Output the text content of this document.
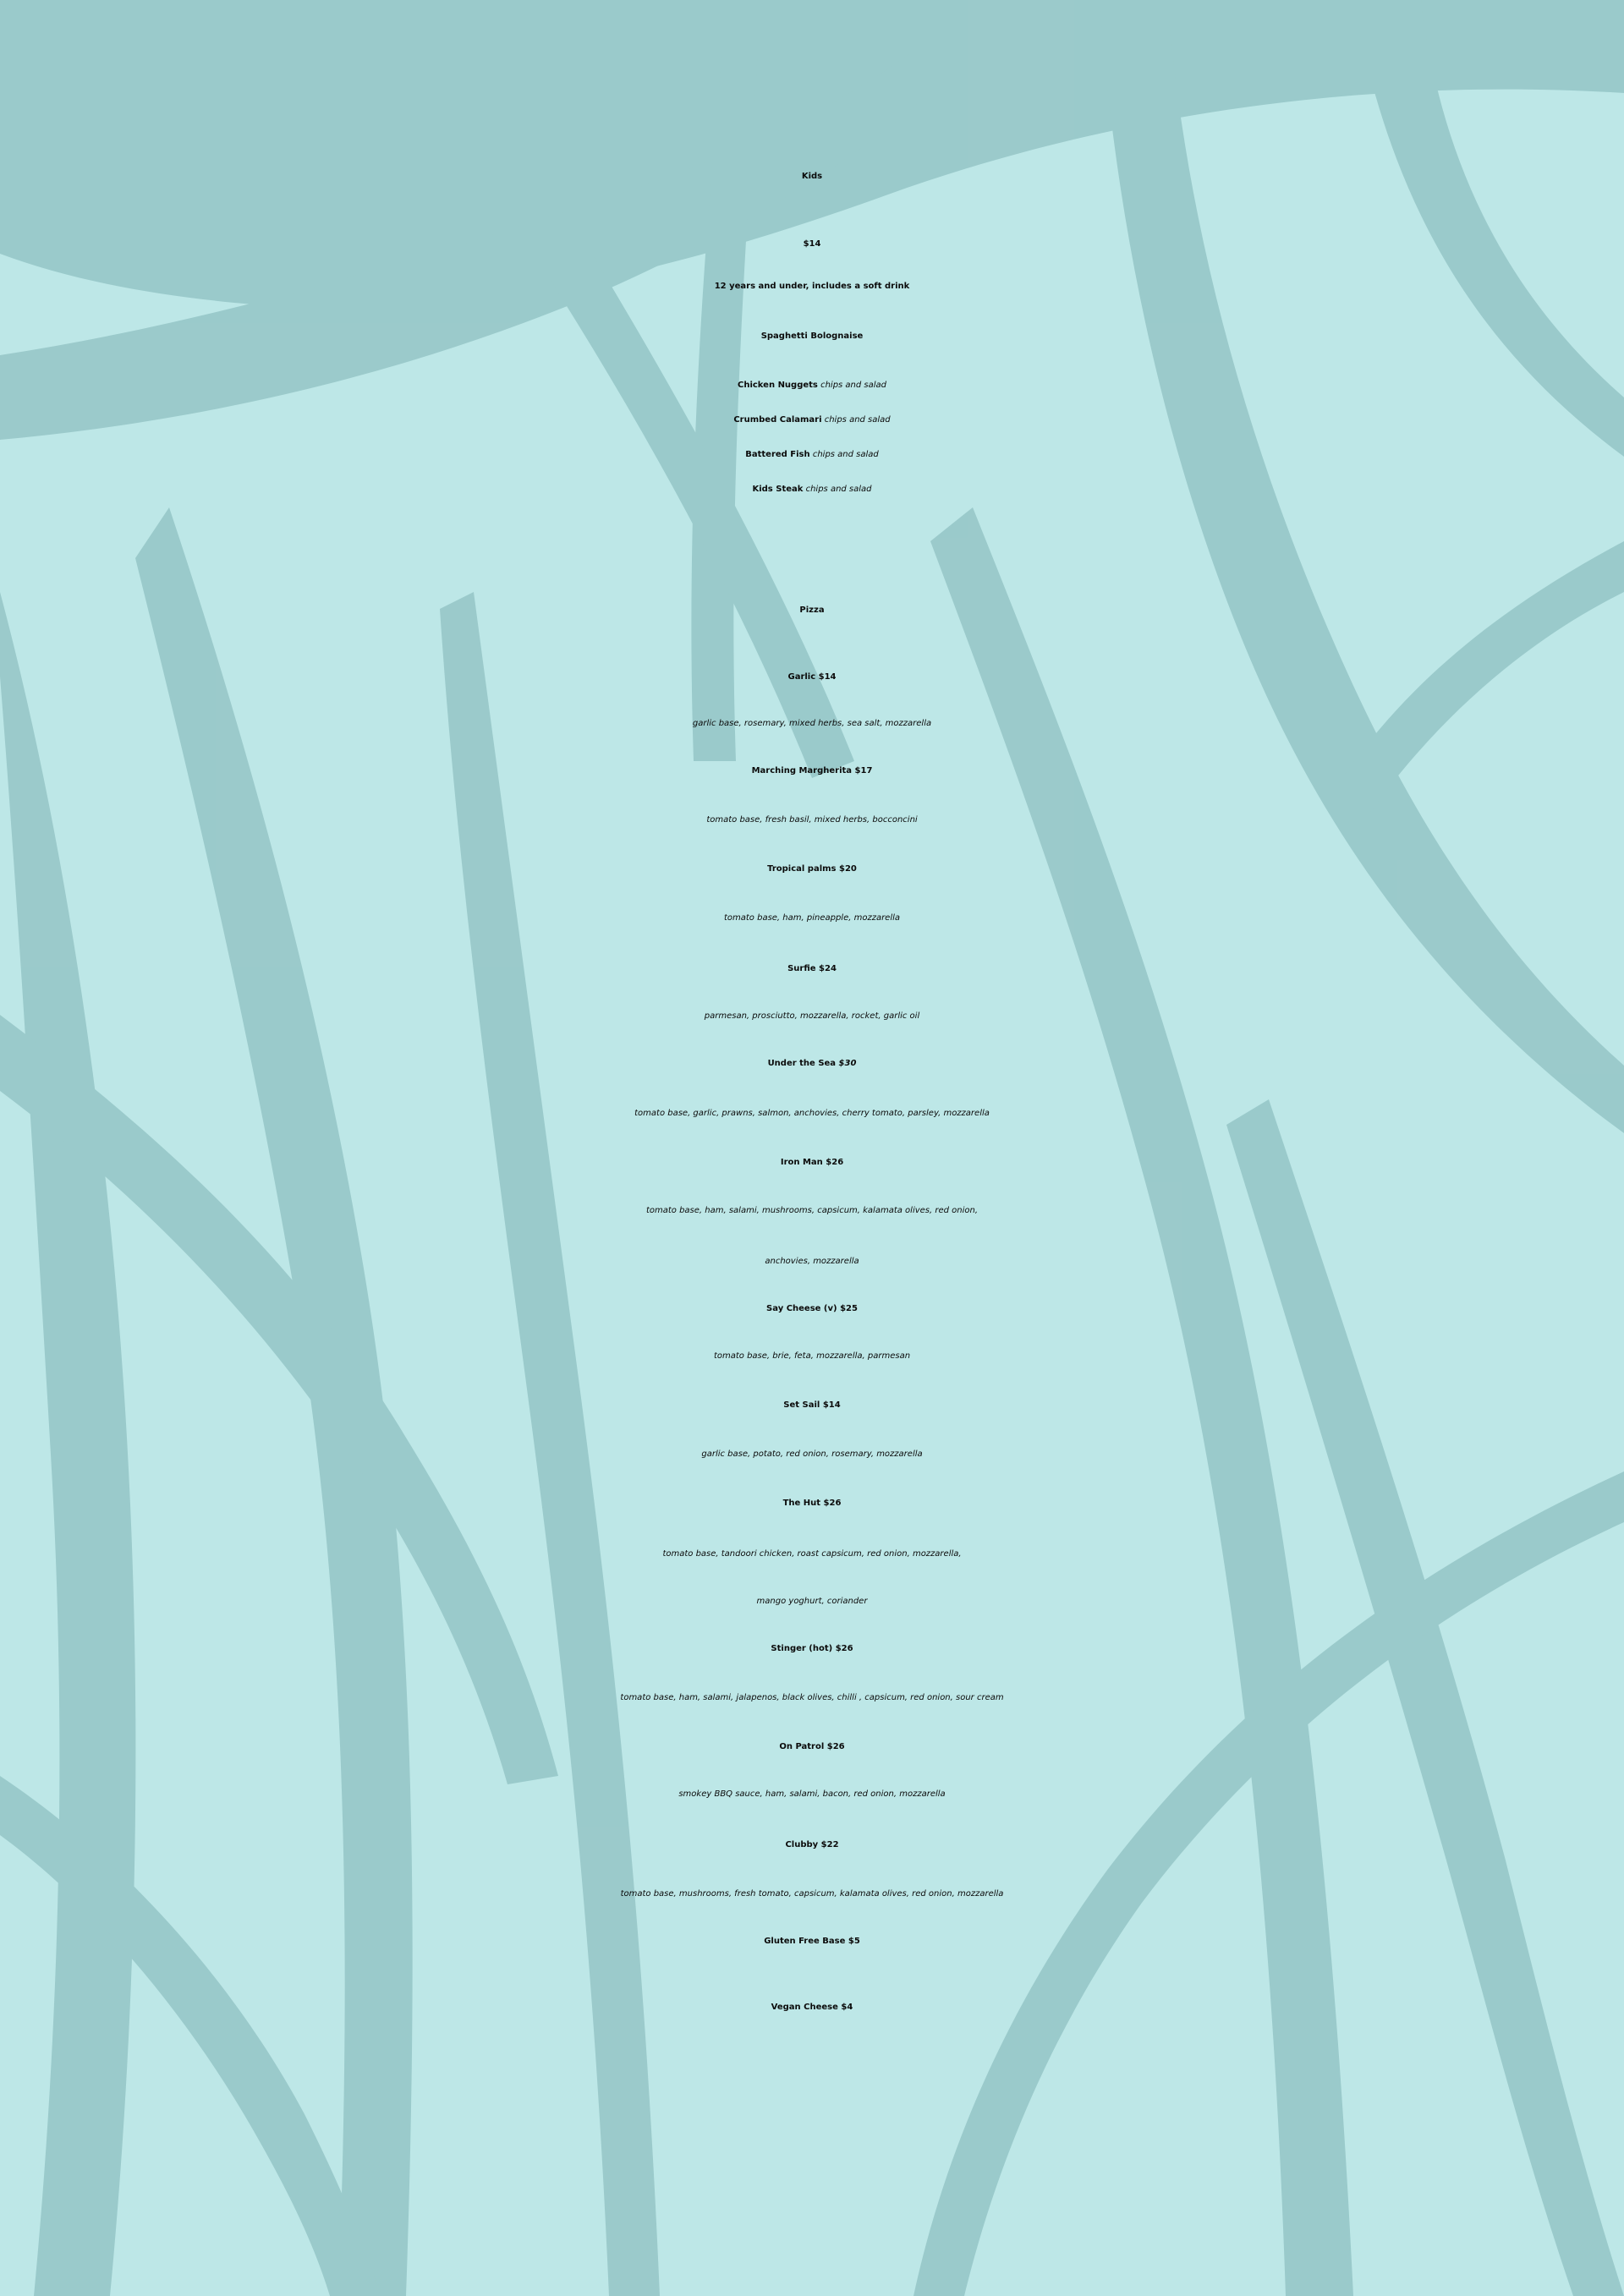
Kids
$14
12 years and under, includes a soft drink
Spaghetti Bolognaise
Chicken Nuggets chips and salad
Crumbed Calamari chips and salad
Battered Fish chips and salad
Kids Steak chips and salad
Pizza
Garlic $14
garlic base, rosemary, mixed herbs, sea salt, mozzarella
Marching Margherita $17
tomato base, fresh basil, mixed herbs, bocconcini
Tropical palms $20
tomato base, ham, pineapple, mozzarella
Surfie $24
parmesan, prosciutto, mozzarella, rocket, garlic oil
Under the Sea $30
tomato base, garlic, prawns, salmon, anchovies, cherry tomato, parsley, mozzarella
Iron Man $26
tomato base, ham, salami, mushrooms, capsicum, kalamata olives, red onion,
anchovies, mozzarella
Say Cheese (v) $25
tomato base, brie, feta, mozzarella, parmesan
Set Sail $14
garlic base, potato, red onion, rosemary, mozzarella
The Hut $26
tomato base, tandoori chicken, roast capsicum, red onion, mozzarella,
mango yoghurt, coriander
Stinger (hot) $26
tomato base, ham, salami, jalapenos, black olives, chilli , capsicum, red onion, sour cream
On Patrol $26
smokey BBQ sauce, ham, salami, bacon, red onion, mozzarella
Clubby $22
tomato base, mushrooms, fresh tomato, capsicum, kalamata olives, red onion, mozzarella
Gluten Free Base $5
Vegan Cheese $4
